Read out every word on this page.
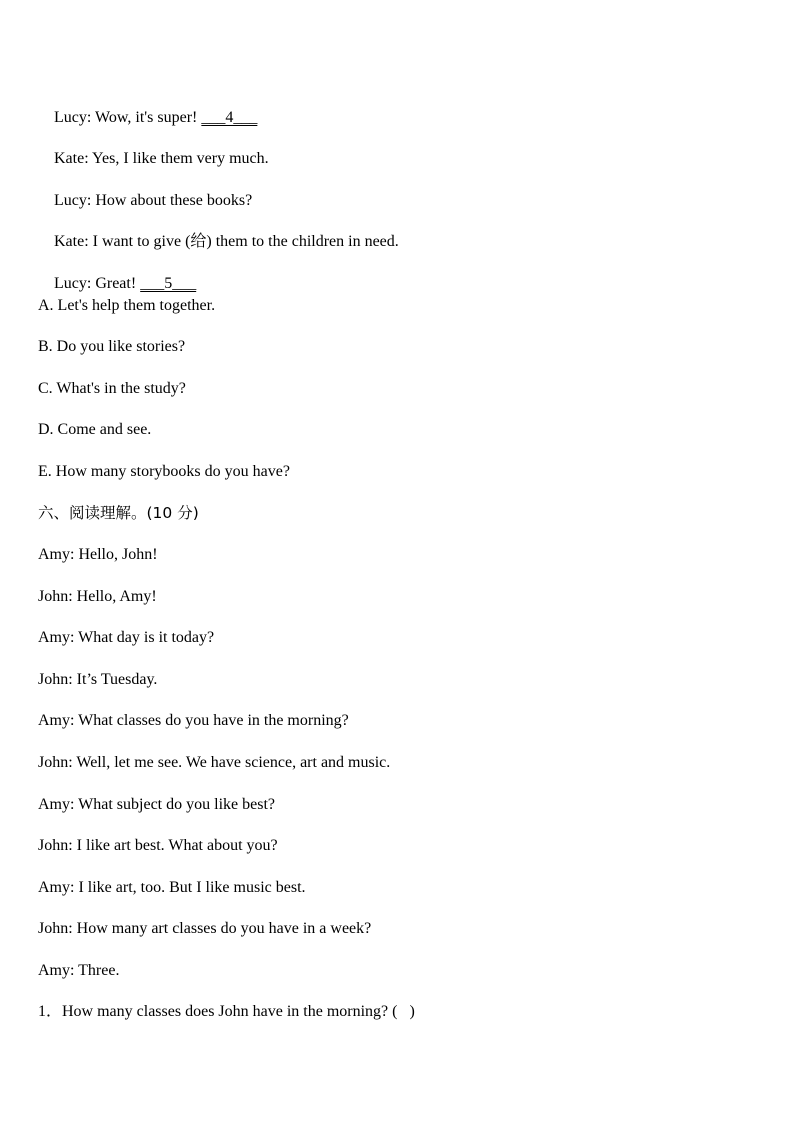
Lucy: Wow, it's super! ___4___

Kate: Yes, I like them very much.

Lucy: How about these books?

Kate: I want to give (给) them to the children in need.

Lucy: Great! ___5___

A. Let's help them together.
B. Do you like stories?
C. What's in the study?
D. Come and see.
E. How many storybooks do you have?
六、阅读理解。(10 分)
Amy: Hello, John!
John: Hello, Amy!
Amy: What day is it today?
John: It’s Tuesday.
Amy: What classes do you have in the morning?
John: Well, let me see. We have science, art and music.
Amy: What subject do you like best?
John: I like art best. What about you?
Amy: I like art, too. But I like music best.
John: How many art classes do you have in a week?
Amy: Three.
1．How many classes does John have in the morning? (   )
